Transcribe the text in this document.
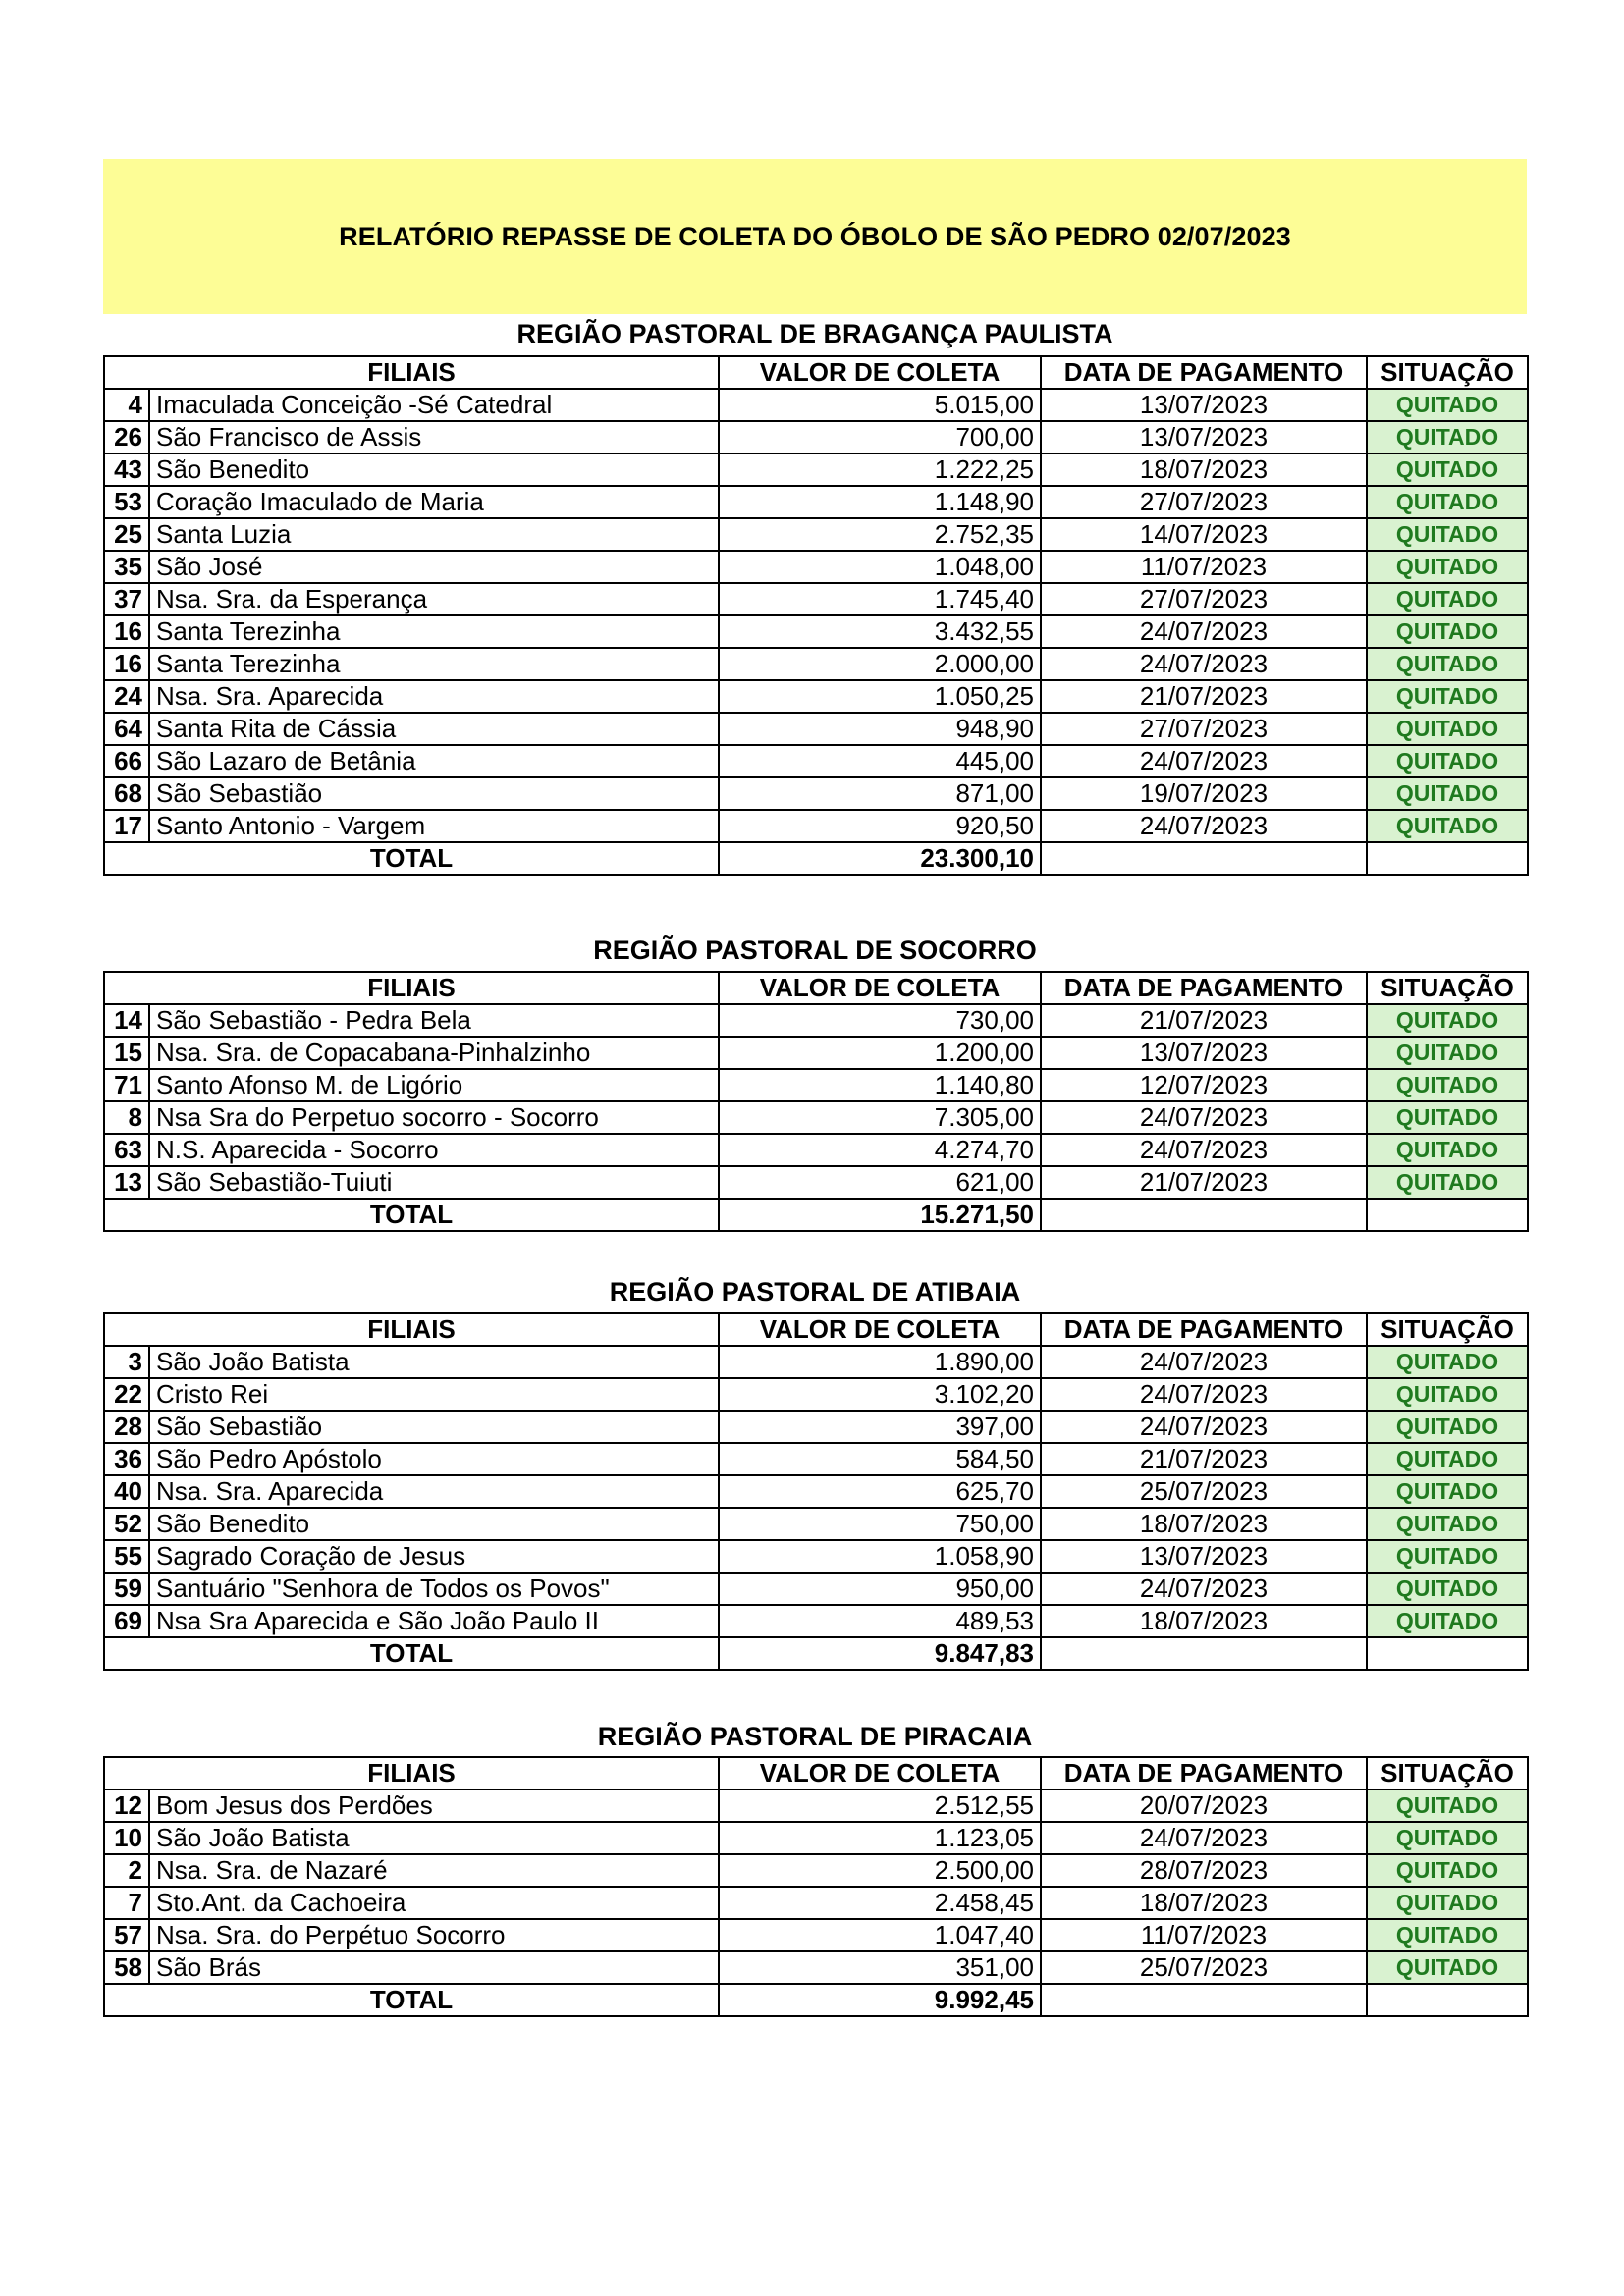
RELATÓRIO REPASSE DE COLETA DO ÓBOLO DE SÃO PEDRO 02/07/2023
REGIÃO PASTORAL DE BRAGANÇA PAULISTA
REGIÃO PASTORAL DE SOCORRO
REGIÃO PASTORAL DE ATIBAIA
REGIÃO PASTORAL DE PIRACAIA
FILIAIS		VALOR DE COLETA	DATA DE PAGAMENTO	SITUAÇÃO
4	Imaculada Conceição -Sé Catedral	5.015,00	13/07/2023	QUITADO
26	São Francisco de Assis	700,00	13/07/2023	QUITADO
43	São Benedito	1.222,25	18/07/2023	QUITADO
53	Coração Imaculado de Maria	1.148,90	27/07/2023	QUITADO
25	Santa Luzia	2.752,35	14/07/2023	QUITADO
35	São José	1.048,00	11/07/2023	QUITADO
37	Nsa. Sra. da Esperança	1.745,40	27/07/2023	QUITADO
16	Santa Terezinha	3.432,55	24/07/2023	QUITADO
16	Santa Terezinha	2.000,00	24/07/2023	QUITADO
24	Nsa. Sra. Aparecida	1.050,25	21/07/2023	QUITADO
64	Santa Rita de Cássia	948,90	27/07/2023	QUITADO
66	São Lazaro de Betânia	445,00	24/07/2023	QUITADO
68	São Sebastião	871,00	19/07/2023	QUITADO
17	Santo Antonio - Vargem	920,50	24/07/2023	QUITADO
TOTAL		23.300,10		
FILIAIS		VALOR DE COLETA	DATA DE PAGAMENTO	SITUAÇÃO
14	São Sebastião - Pedra Bela	730,00	21/07/2023	QUITADO
15	Nsa. Sra. de Copacabana-Pinhalzinho	1.200,00	13/07/2023	QUITADO
71	Santo Afonso M. de Ligório	1.140,80	12/07/2023	QUITADO
8	Nsa Sra do Perpetuo socorro - Socorro	7.305,00	24/07/2023	QUITADO
63	N.S. Aparecida - Socorro	4.274,70	24/07/2023	QUITADO
13	São Sebastião-Tuiuti	621,00	21/07/2023	QUITADO
TOTAL		15.271,50		
FILIAIS		VALOR DE COLETA	DATA DE PAGAMENTO	SITUAÇÃO
3	São João Batista	1.890,00	24/07/2023	QUITADO
22	Cristo Rei	3.102,20	24/07/2023	QUITADO
28	São Sebastião	397,00	24/07/2023	QUITADO
36	São Pedro Apóstolo	584,50	21/07/2023	QUITADO
40	Nsa. Sra. Aparecida	625,70	25/07/2023	QUITADO
52	São Benedito	750,00	18/07/2023	QUITADO
55	Sagrado Coração de Jesus	1.058,90	13/07/2023	QUITADO
59	Santuário "Senhora de Todos os Povos"	950,00	24/07/2023	QUITADO
69	Nsa Sra Aparecida e São João Paulo II	489,53	18/07/2023	QUITADO
TOTAL		9.847,83		
FILIAIS		VALOR DE COLETA	DATA DE PAGAMENTO	SITUAÇÃO
12	Bom Jesus dos Perdões	2.512,55	20/07/2023	QUITADO
10	São João Batista	1.123,05	24/07/2023	QUITADO
2	Nsa. Sra. de Nazaré	2.500,00	28/07/2023	QUITADO
7	Sto.Ant. da Cachoeira	2.458,45	18/07/2023	QUITADO
57	Nsa. Sra. do Perpétuo Socorro	1.047,40	11/07/2023	QUITADO
58	São Brás	351,00	25/07/2023	QUITADO
TOTAL		9.992,45		
